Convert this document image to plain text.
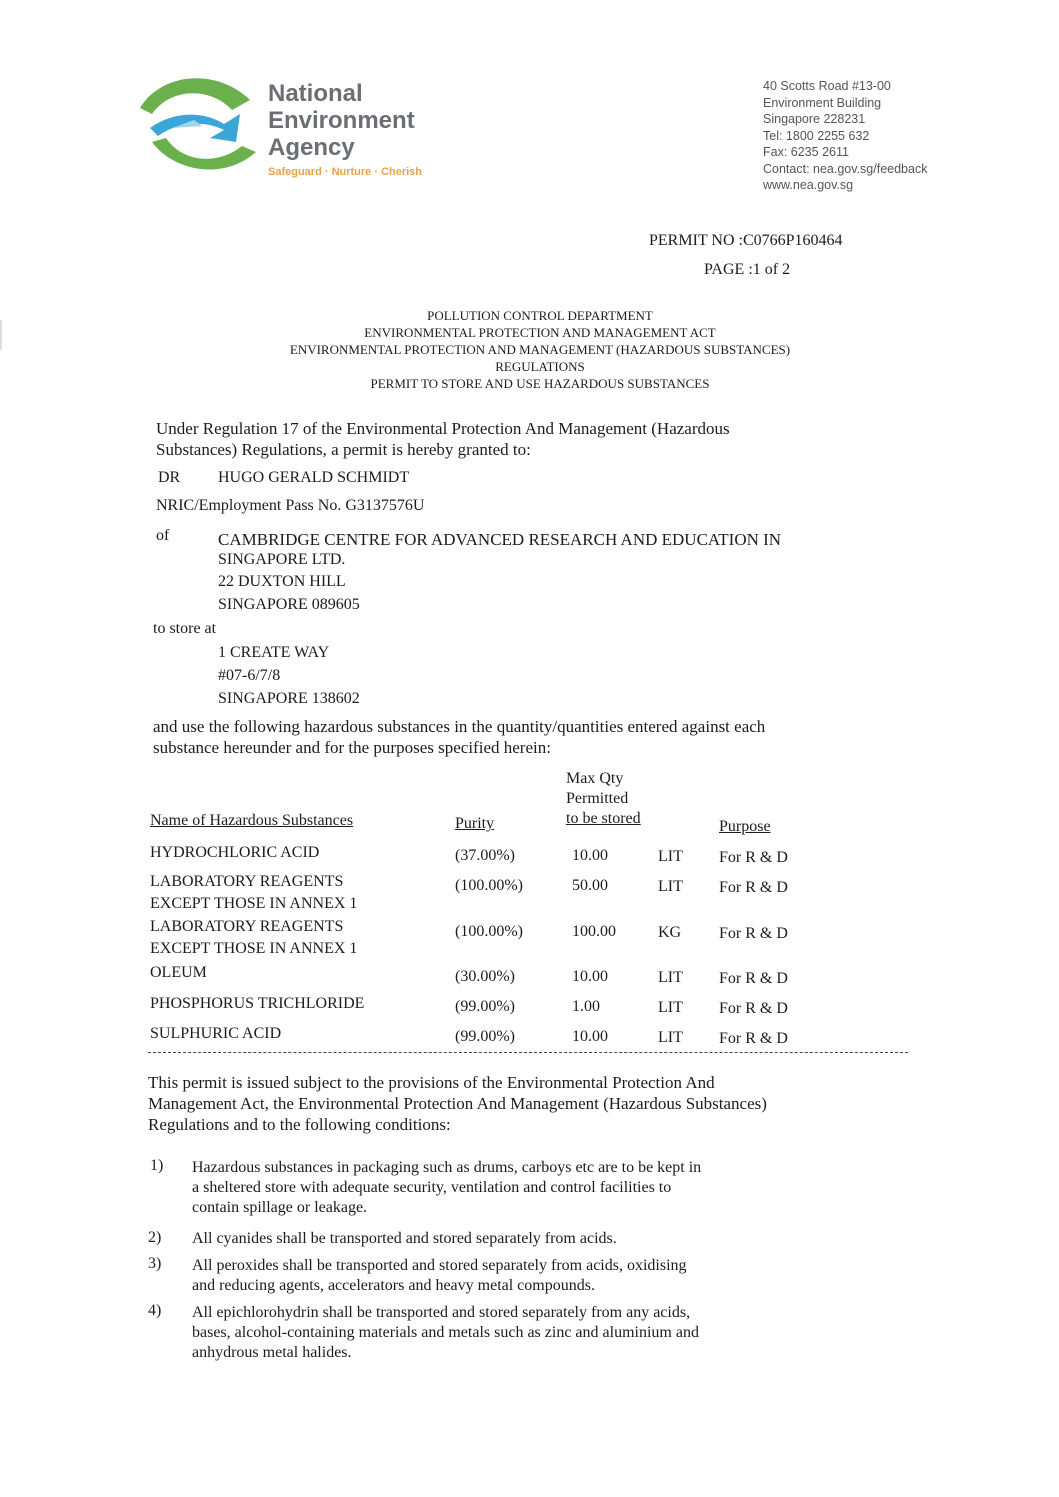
National
Environment
Agency
Safeguard · Nurture · Cherish
40 Scotts Road #13-00
Environment Building
Singapore 228231
Tel: 1800 2255 632
Fax: 6235 2611
Contact: nea.gov.sg/feedback
www.nea.gov.sg
PERMIT NO :C0766P160464
PAGE :1 of 2
POLLUTION CONTROL DEPARTMENT
ENVIRONMENTAL PROTECTION AND MANAGEMENT ACT
ENVIRONMENTAL PROTECTION AND MANAGEMENT (HAZARDOUS SUBSTANCES)
REGULATIONS
PERMIT TO STORE AND USE HAZARDOUS SUBSTANCES
Under Regulation 17 of the Environmental Protection And Management (Hazardous
Substances) Regulations, a permit is hereby granted to:
DR HUGO GERALD SCHMIDT
NRIC/Employment Pass No. G3137576U
of	CAMBRIDGE CENTRE FOR ADVANCED RESEARCH AND EDUCATION IN
SINGAPORE LTD.
22 DUXTON HILL
SINGAPORE 089605
to store at
1 CREATE WAY
#07-6/7/8
SINGAPORE 138602
and use the following hazardous substances in the quantity/quantities entered against each
substance hereunder and for the purposes specified herein:
Max Qty
Permitted
to be stored
Name of Hazardous Substances	Purity	Purpose
HYDROCHLORIC ACID	(37.00%)	10.00	LIT For R & D
LABORATORY REAGENTS
EXCEPT THOSE IN ANNEX 1
(100.00%)	50.00	LIT For R & D
LABORATORY REAGENTS
EXCEPT THOSE IN ANNEX 1
(100.00%)	100.00	KG For R & D
OLEUM	(30.00%)	10.00	LIT For R & D
PHOSPHORUS TRICHLORIDE	(99.00%)	1.00	LIT For R & D
SULPHURIC ACID	(99.00%)	10.00	LIT For R & D
This permit is issued subject to the provisions of the Environmental Protection And
Management Act, the Environmental Protection And Management (Hazardous Substances)
Regulations and to the following conditions:
1) Hazardous substances in packaging such as drums, carboys etc are to be kept in
a sheltered store with adequate security, ventilation and control facilities to
contain spillage or leakage.
2) All cyanides shall be transported and stored separately from acids.
3) All peroxides shall be transported and stored separately from acids, oxidising
and reducing agents, accelerators and heavy metal compounds.
4) All epichlorohydrin shall be transported and stored separately from any acids,
bases, alcohol-containing materials and metals such as zinc and aluminium and
anhydrous metal halides.
